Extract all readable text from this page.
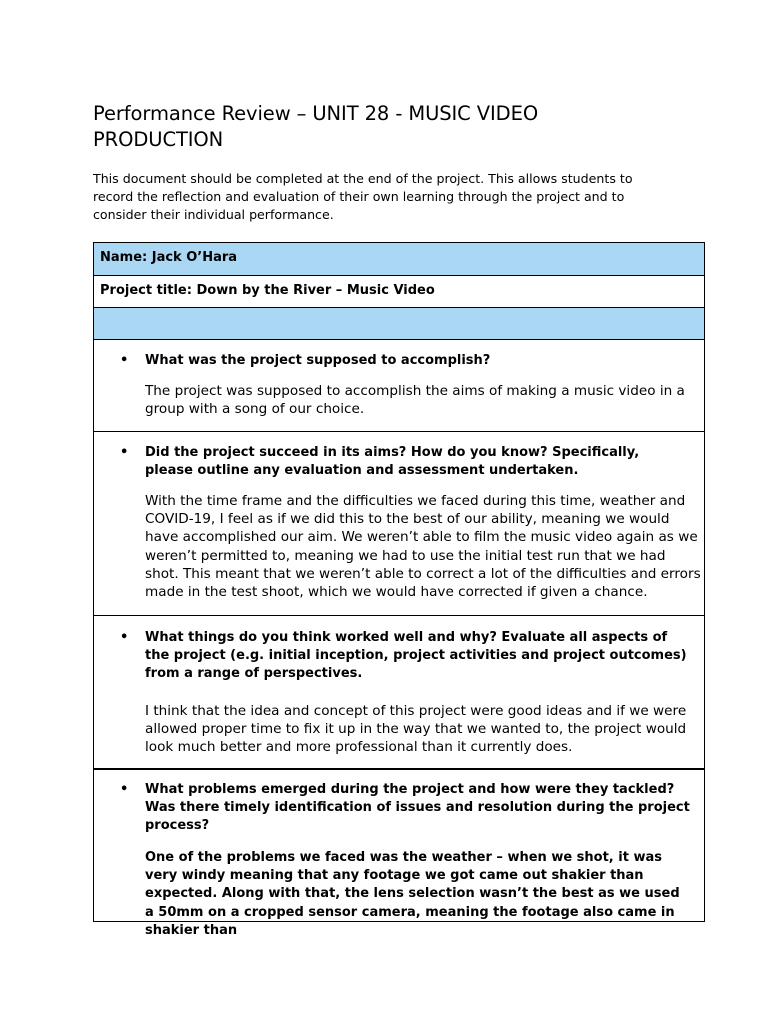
Performance Review – UNIT 28 - MUSIC VIDEO PRODUCTION

This document should be completed at the end of the project. This allows students to record the reflection and evaluation of their own learning through the project and to consider their individual performance.

Name: Jack O’Hara
Project title: Down by the River – Music Video
• What was the project supposed to accomplish?

The project was supposed to accomplish the aims of making a music video in a group with a song of our choice.

• Did the project succeed in its aims? How do you know? Specifically, please outline any evaluation and assessment undertaken.

With the time frame and the difficulties we faced during this time, weather and COVID-19, I feel as if we did this to the best of our ability, meaning we would have accomplished our aim. We weren’t able to film the music video again as we weren’t permitted to, meaning we had to use the initial test run that we had shot. This meant that we weren’t able to correct a lot of the difficulties and errors made in the test shoot, which we would have corrected if given a chance.

• What things do you think worked well and why? Evaluate all aspects of the project (e.g. initial inception, project activities and project outcomes) from a range of perspectives.

I think that the idea and concept of this project were good ideas and if we were allowed proper time to fix it up in the way that we wanted to, the project would look much better and more professional than it currently does.

• What problems emerged during the project and how were they tackled? Was there timely identification of issues and resolution during the project process?

One of the problems we faced was the weather – when we shot, it was very windy meaning that any footage we got came out shakier than expected. Along with that, the lens selection wasn’t the best as we used a 50mm on a cropped sensor camera, meaning the footage also came in shakier than
